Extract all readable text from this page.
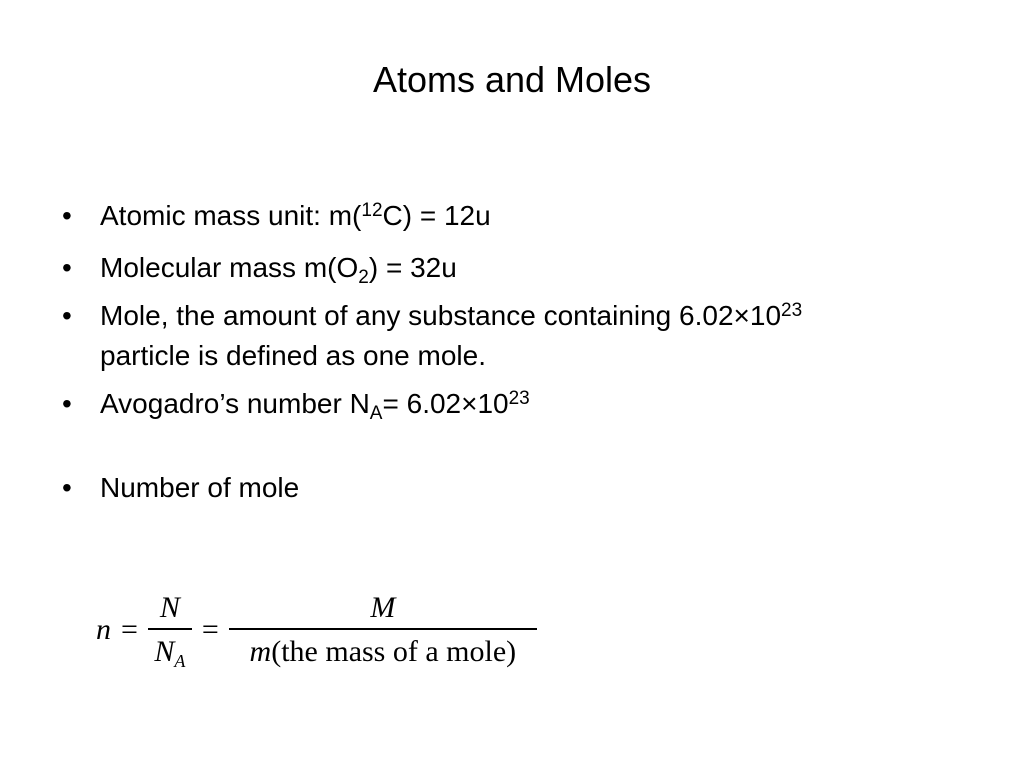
Atoms and Moles
• Atomic mass unit: m($^{12}$C) = 12u
• Molecular mass $m(O_2) = 32u$
• Mole, the amount of any substance containing $6.02\times 10^{23}$
particle is defined as one mole.
• Avogadro’s number $N_A= 6.02\times 10^{23}$
• Number of mole
$n = \frac{N}{N_A} = \frac{M}{\text{m(the mass of a mole)}}$
